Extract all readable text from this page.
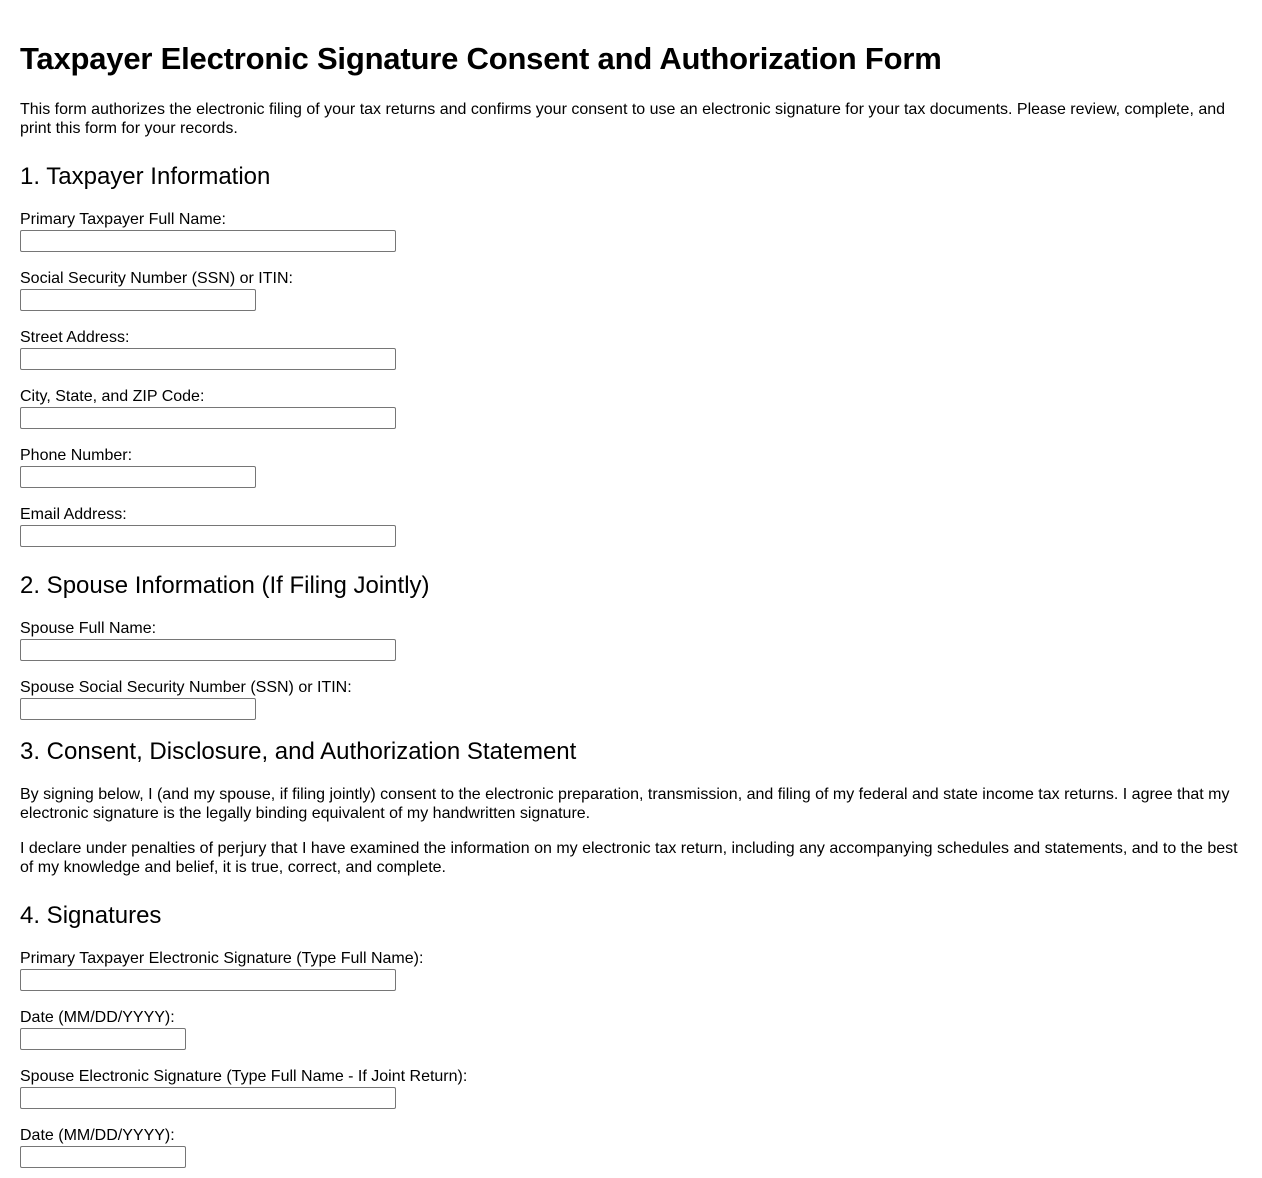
Taxpayer Electronic Signature Consent and Authorization Form

This form authorizes the electronic filing of your tax returns and confirms your consent to use an electronic signature for your tax documents. Please review, complete, and print this form for your records.

1. Taxpayer Information
Primary Taxpayer Full Name:
Social Security Number (SSN) or ITIN:
Street Address:
City, State, and ZIP Code:
Phone Number:
Email Address:
2. Spouse Information (If Filing Jointly)
Spouse Full Name:
Spouse Social Security Number (SSN) or ITIN:
3. Consent, Disclosure, and Authorization Statement

By signing below, I (and my spouse, if filing jointly) consent to the electronic preparation, transmission, and filing of my federal and state income tax returns. I agree that my electronic signature is the legally binding equivalent of my handwritten signature.

I declare under penalties of perjury that I have examined the information on my electronic tax return, including any accompanying schedules and statements, and to the best of my knowledge and belief, it is true, correct, and complete.

4. Signatures
Primary Taxpayer Electronic Signature (Type Full Name):
Date (MM/DD/YYYY):
Spouse Electronic Signature (Type Full Name - If Joint Return):
Date (MM/DD/YYYY):
